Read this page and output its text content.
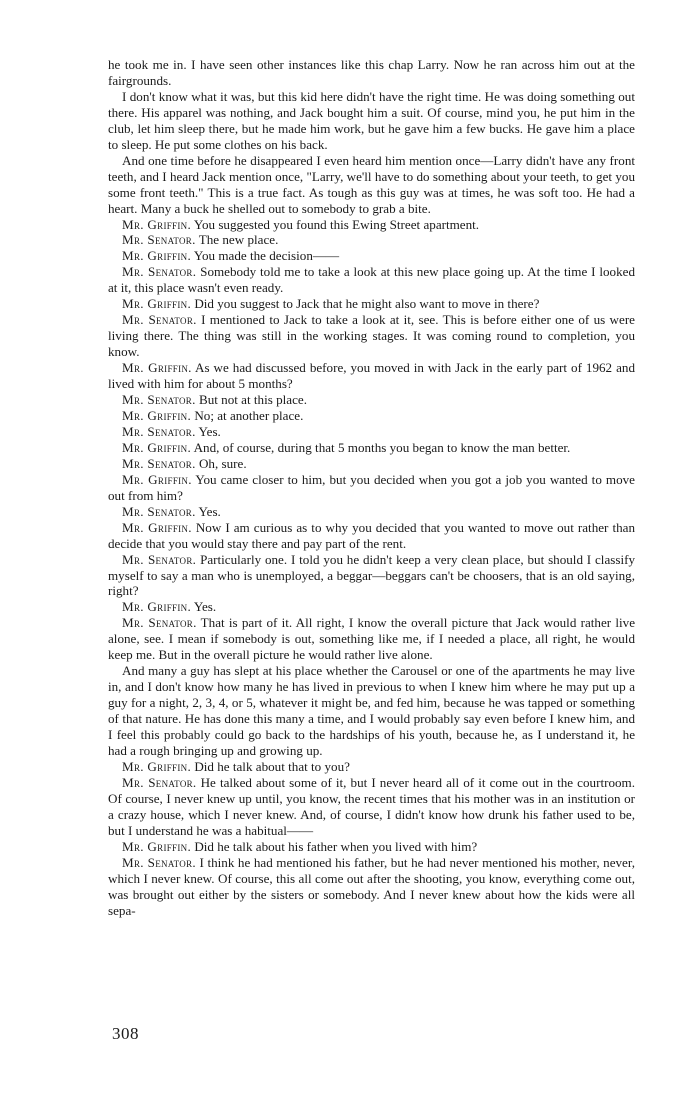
he took me in. I have seen other instances like this chap Larry. Now he ran across him out at the fairgrounds.

I don't know what it was, but this kid here didn't have the right time. He was doing something out there. His apparel was nothing, and Jack bought him a suit. Of course, mind you, he put him in the club, let him sleep there, but he made him work, but he gave him a few bucks. He gave him a place to sleep. He put some clothes on his back.

And one time before he disappeared I even heard him mention once—Larry didn't have any front teeth, and I heard Jack mention once, "Larry, we'll have to do something about your teeth, to get you some front teeth." This is a true fact. As tough as this guy was at times, he was soft too. He had a heart. Many a buck he shelled out to somebody to grab a bite.

Mr. Griffin. You suggested you found this Ewing Street apartment.

Mr. Senator. The new place.

Mr. Griffin. You made the decision——

Mr. Senator. Somebody told me to take a look at this new place going up. At the time I looked at it, this place wasn't even ready.

Mr. Griffin. Did you suggest to Jack that he might also want to move in there?

Mr. Senator. I mentioned to Jack to take a look at it, see. This is before either one of us were living there. The thing was still in the working stages. It was coming round to completion, you know.

Mr. Griffin. As we had discussed before, you moved in with Jack in the early part of 1962 and lived with him for about 5 months?

Mr. Senator. But not at this place.

Mr. Griffin. No; at another place.

Mr. Senator. Yes.

Mr. Griffin. And, of course, during that 5 months you began to know the man better.

Mr. Senator. Oh, sure.

Mr. Griffin. You came closer to him, but you decided when you got a job you wanted to move out from him?

Mr. Senator. Yes.

Mr. Griffin. Now I am curious as to why you decided that you wanted to move out rather than decide that you would stay there and pay part of the rent.

Mr. Senator. Particularly one. I told you he didn't keep a very clean place, but should I classify myself to say a man who is unemployed, a beggar—beggars can't be choosers, that is an old saying, right?

Mr. Griffin. Yes.

Mr. Senator. That is part of it. All right, I know the overall picture that Jack would rather live alone, see. I mean if somebody is out, something like me, if I needed a place, all right, he would keep me. But in the overall picture he would rather live alone.

And many a guy has slept at his place whether the Carousel or one of the apartments he may live in, and I don't know how many he has lived in previous to when I knew him where he may put up a guy for a night, 2, 3, 4, or 5, whatever it might be, and fed him, because he was tapped or something of that nature. He has done this many a time, and I would probably say even before I knew him, and I feel this probably could go back to the hardships of his youth, because he, as I understand it, he had a rough bringing up and growing up.

Mr. Griffin. Did he talk about that to you?

Mr. Senator. He talked about some of it, but I never heard all of it come out in the courtroom. Of course, I never knew up until, you know, the recent times that his mother was in an institution or a crazy house, which I never knew. And, of course, I didn't know how drunk his father used to be, but I understand he was a habitual——

Mr. Griffin. Did he talk about his father when you lived with him?

Mr. Senator. I think he had mentioned his father, but he had never mentioned his mother, never, which I never knew. Of course, this all come out after the shooting, you know, everything come out, was brought out either by the sisters or somebody. And I never knew about how the kids were all sepa-

308
